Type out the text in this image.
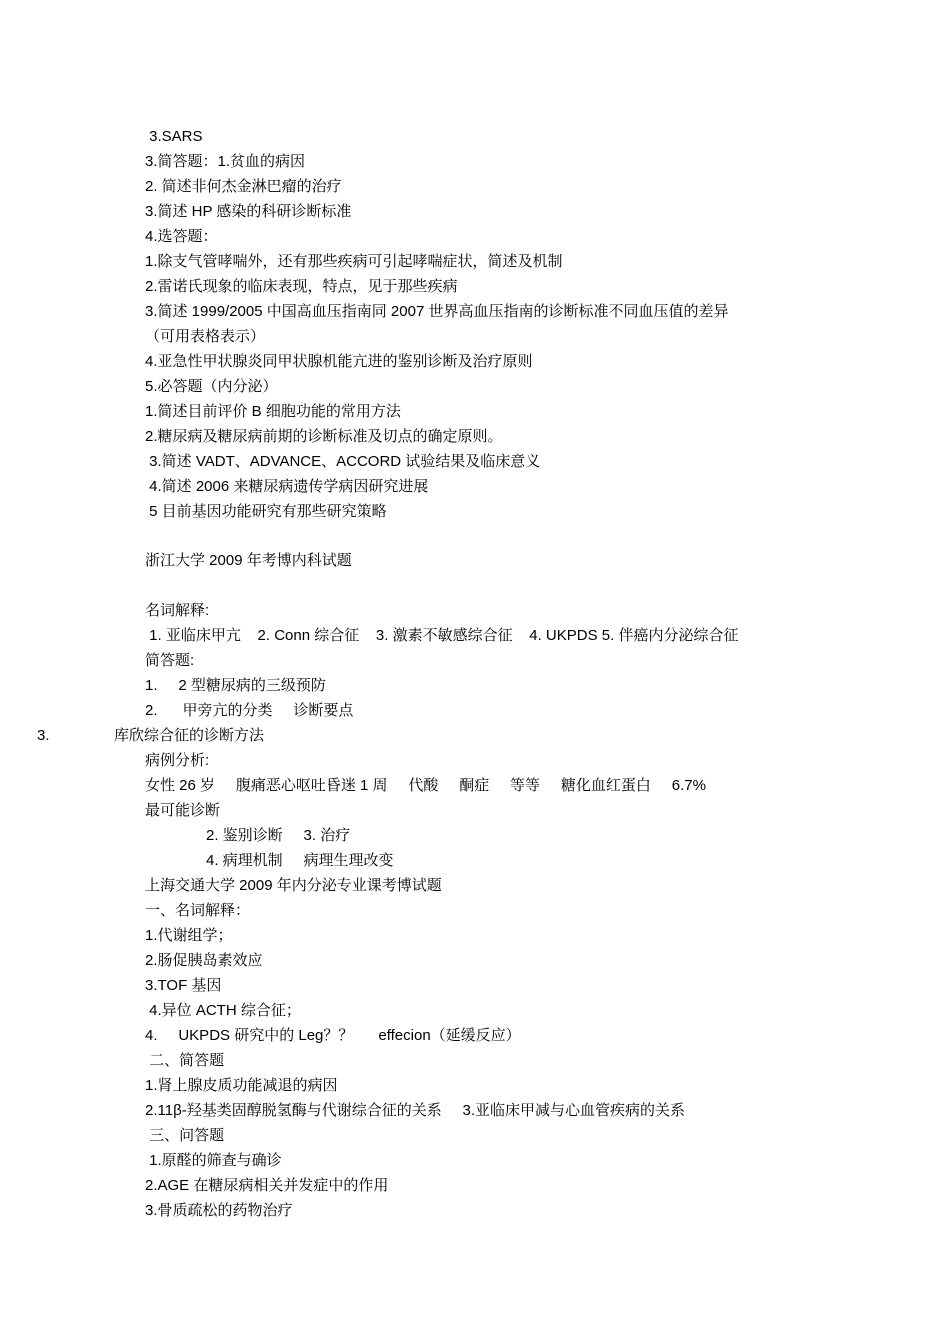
3.SARS
3.简答题：1.贫血的病因
2. 简述非何杰金淋巴瘤的治疗
3.简述 HP 感染的科研诊断标准
4.选答题：
1.除支气管哮喘外，还有那些疾病可引起哮喘症状，简述及机制
2.雷诺氏现象的临床表现，特点，见于那些疾病
3.简述 1999/2005 中国高血压指南同 2007 世界高血压指南的诊断标准不同血压值的差异
（可用表格表示）
4.亚急性甲状腺炎同甲状腺机能亢进的鉴别诊断及治疗原则
5.必答题（内分泌）
1.简述目前评价 B 细胞功能的常用方法
2.糖尿病及糖尿病前期的诊断标准及切点的确定原则。
3.简述 VADT、ADVANCE、ACCORD 试验结果及临床意义
4.简述 2006 来糖尿病遗传学病因研究进展
5 目前基因功能研究有那些研究策略
浙江大学 2009 年考博内科试题
名词解释:
1. 亚临床甲亢    2. Conn 综合征    3. 激素不敏感综合征    4. UKPDS 5. 伴癌内分泌综合征
简答题:
1.     2 型糖尿病的三级预防
2.      甲旁亢的分类     诊断要点
3.	库欣综合征的诊断方法
病例分析:
女性 26 岁     腹痛恶心呕吐昏迷 1 周     代酸     酮症     等等     糖化血红蛋白     6.7%
最可能诊断
2. 鉴别诊断     3. 治疗
4. 病理机制     病理生理改变
上海交通大学 2009 年内分泌专业课考博试题
一、名词解释：
1.代谢组学；
2.肠促胰岛素效应
3.TOF 基因
4.异位 ACTH 综合征；
4.     UKPDS 研究中的 Leg？？      effecion（延缓反应）
二、简答题
1.肾上腺皮质功能减退的病因
2.11β-羟基类固醇脱氢酶与代谢综合征的关系     3.亚临床甲减与心血管疾病的关系
三、问答题
1.原醛的筛查与确诊
2.AGE 在糖尿病相关并发症中的作用
3.骨质疏松的药物治疗
